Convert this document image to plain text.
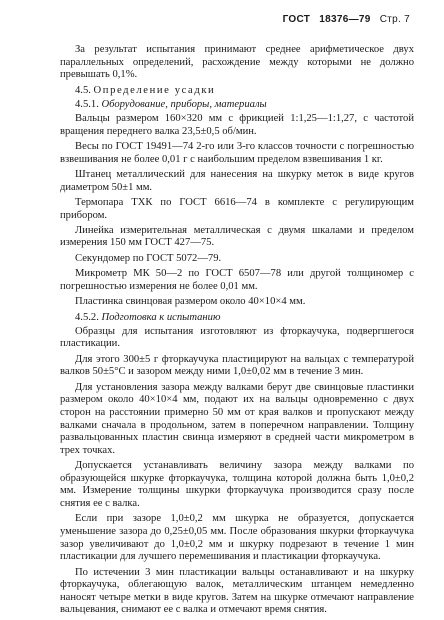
ГОСТ 18376—79 Стр. 7

За результат испытания принимают среднее арифметическое двух параллельных определений, расхождение между которыми не должно превышать 0,1%.

4.5. Определение усадки

4.5.1. Оборудование, приборы, материалы

Вальцы размером 160×320 мм с фрикцией 1:1,25—1:1,27, с частотой вращения переднего валка 23,5±0,5 об/мин.

Весы по ГОСТ 19491—74 2-го или 3-го классов точности с погрешностью взвешивания не более 0,01 г с наибольшим пределом взвешивания 1 кг.

Штанец металлический для нанесения на шкурку меток в виде кругов диаметром 50±1 мм.

Термопара ТХК по ГОСТ 6616—74 в комплекте с регулирующим прибором.

Линейка измерительная металлическая с двумя шкалами и пределом измерения 150 мм ГОСТ 427—75.

Секундомер по ГОСТ 5072—79.

Микрометр МК 50—2 по ГОСТ 6507—78 или другой толщиномер с погрешностью измерения не более 0,01 мм.

Пластинка свинцовая размером около 40×10×4 мм.

4.5.2. Подготовка к испытанию

Образцы для испытания изготовляют из фторкаучука, подвергшегося пластикации.

Для этого 300±5 г фторкаучука пластицируют на вальцах с температурой валков 50±5°С и зазором между ними 1,0±0,02 мм в течение 3 мин.

Для установления зазора между валками берут две свинцовые пластинки размером около 40×10×4 мм, подают их на вальцы одновременно с двух сторон на расстоянии примерно 50 мм от края валков и пропускают между валками сначала в продольном, затем в поперечном направлении. Толщину развальцованных пластин свинца измеряют в средней части микрометром в трех точках.

Допускается устанавливать величину зазора между валками по образующейся шкурке фторкаучука, толщина которой должна быть 1,0±0,2 мм. Измерение толщины шкурки фторкаучука производится сразу после снятия ее с валка.

Если при зазоре 1,0±0,2 мм шкурка не образуется, допускается уменьшение зазора до 0,25±0,05 мм. После образования шкурки фторкаучука зазор увеличивают до 1,0±0,2 мм и шкурку подрезают в течение 1 мин пластикации для лучшего перемешивания и пластикации фторкаучука.

По истечении 3 мин пластикации вальцы останавливают и на шкурку фторкаучука, облегающую валок, металлическим штанцем немедленно наносят четыре метки в виде кругов. Затем на шкурке отмечают направление вальцевания, снимают ее с валка и отмечают время снятия.
